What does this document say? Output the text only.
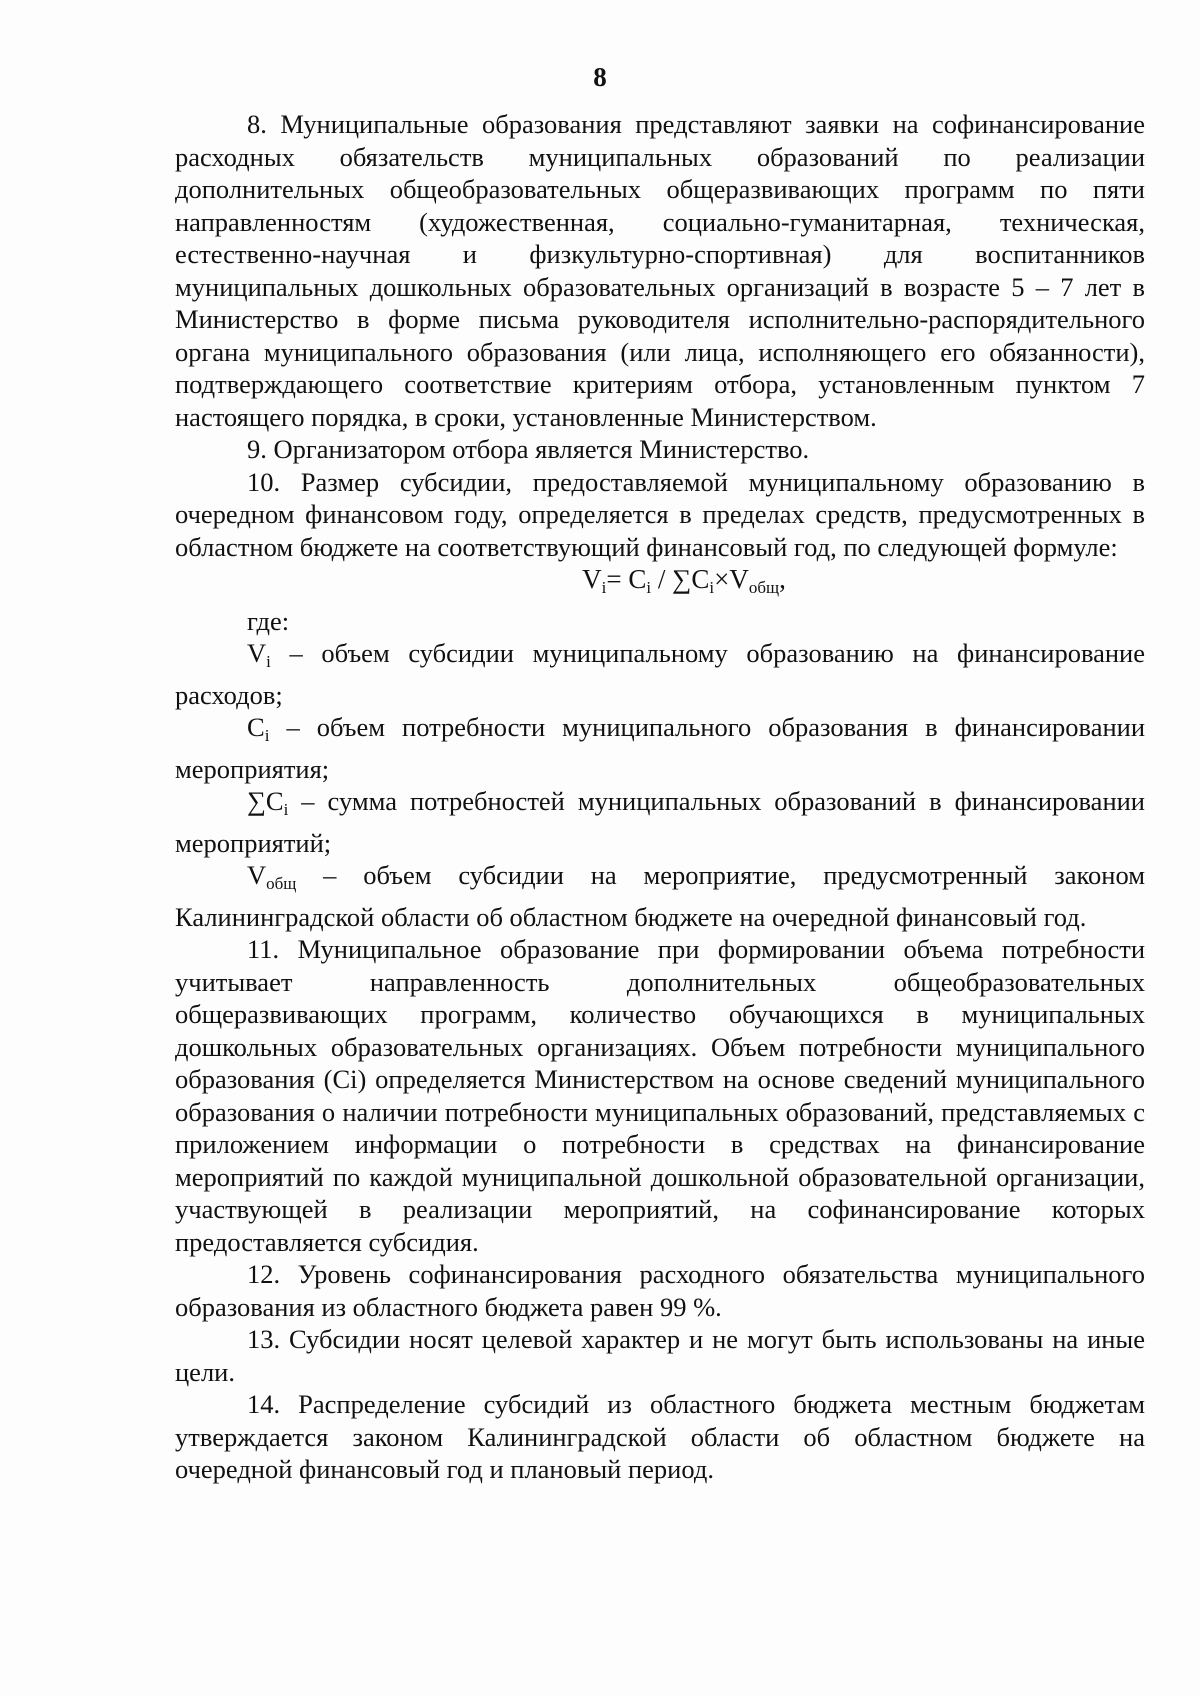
8

8. Муниципальные образования представляют заявки на софинансирование расходных обязательств муниципальных образований по реализации дополнительных общеобразовательных общеразвивающих программ по пяти направленностям (художественная, социально-гуманитарная, техническая, естественно-научная и физкультурно-спортивная) для воспитанников муниципальных дошкольных образовательных организаций в возрасте 5 – 7 лет в Министерство в форме письма руководителя исполнительно-распорядительного органа муниципального образования (или лица, исполняющего его обязанности), подтверждающего соответствие критериям отбора, установленным пунктом 7 настоящего порядка, в сроки, установленные Министерством.

9. Организатором отбора является Министерство.

10. Размер субсидии, предоставляемой муниципальному образованию в очередном финансовом году, определяется в пределах средств, предусмотренных в областном бюджете на соответствующий финансовый год, по следующей формуле:

$V_i= C_i / \sum C_i\times V_{общ}$,

где:

$V_i$ – объем субсидии муниципальному образованию на финансирование расходов;

$C_i$ – объем потребности муниципального образования в финансировании мероприятия;

$\sum C_i$ – сумма потребностей муниципальных образований в финансировании мероприятий;

$V_{общ}$ – объем субсидии на мероприятие, предусмотренный законом Калининградской области об областном бюджете на очередной финансовый год.

11. Муниципальное образование при формировании объема потребности учитывает направленность дополнительных общеобразовательных общеразвивающих программ, количество обучающихся в муниципальных дошкольных образовательных организациях. Объем потребности муниципального образования (Ci) определяется Министерством на основе сведений муниципального образования о наличии потребности муниципальных образований, представляемых с приложением информации о потребности в средствах на финансирование мероприятий по каждой муниципальной дошкольной образовательной организации, участвующей в реализации мероприятий, на софинансирование которых предоставляется субсидия.

12. Уровень софинансирования расходного обязательства муниципального образования из областного бюджета равен 99 %.

13. Субсидии носят целевой характер и не могут быть использованы на иные цели.

14. Распределение субсидий из областного бюджета местным бюджетам утверждается законом Калининградской области об областном бюджете на очередной финансовый год и плановый период.
